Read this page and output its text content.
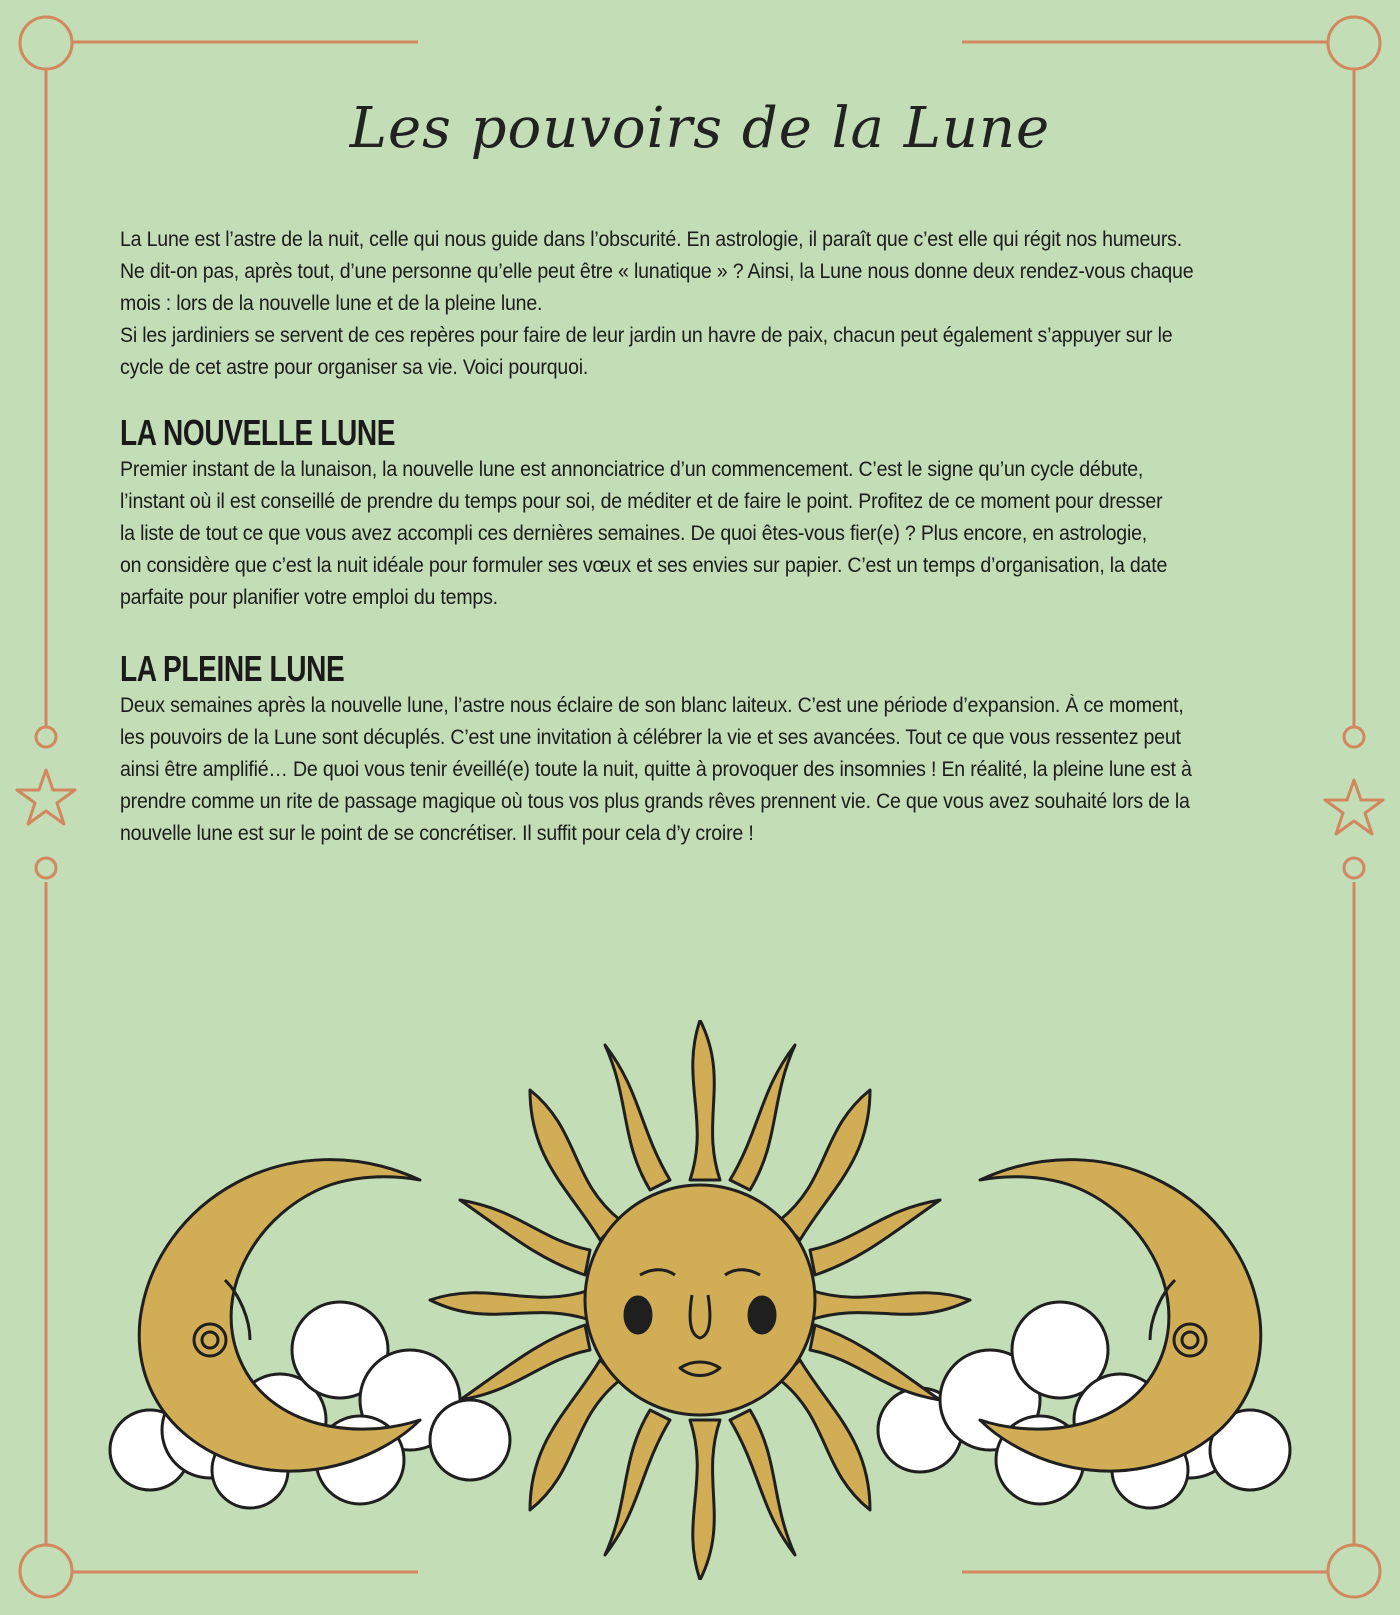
Les pouvoirs de la Lune

La Lune est l’astre de la nuit, celle qui nous guide dans l’obscurité. En astrologie, il paraît que c’est elle qui régit nos humeurs.

Ne dit-on pas, après tout, d’une personne qu’elle peut être « lunatique » ? Ainsi, la Lune nous donne deux rendez-vous chaque

mois : lors de la nouvelle lune et de la pleine lune.

Si les jardiniers se servent de ces repères pour faire de leur jardin un havre de paix, chacun peut également s’appuyer sur le

cycle de cet astre pour organiser sa vie. Voici pourquoi.

LA NOUVELLE LUNE

Premier instant de la lunaison, la nouvelle lune est annonciatrice d’un commencement. C’est le signe qu’un cycle débute,

l’instant où il est conseillé de prendre du temps pour soi, de méditer et de faire le point. Profitez de ce moment pour dresser

la liste de tout ce que vous avez accompli ces dernières semaines. De quoi êtes-vous fier(e) ? Plus encore, en astrologie,

on considère que c’est la nuit idéale pour formuler ses vœux et ses envies sur papier. C’est un temps d’organisation, la date

parfaite pour planifier votre emploi du temps.

LA PLEINE LUNE

Deux semaines après la nouvelle lune, l’astre nous éclaire de son blanc laiteux. C’est une période d’expansion. À ce moment,

les pouvoirs de la Lune sont décuplés. C’est une invitation à célébrer la vie et ses avancées. Tout ce que vous ressentez peut

ainsi être amplifié… De quoi vous tenir éveillé(e) toute la nuit, quitte à provoquer des insomnies ! En réalité, la pleine lune est à

prendre comme un rite de passage magique où tous vos plus grands rêves prennent vie. Ce que vous avez souhaité lors de la

nouvelle lune est sur le point de se concrétiser. Il suffit pour cela d’y croire !
